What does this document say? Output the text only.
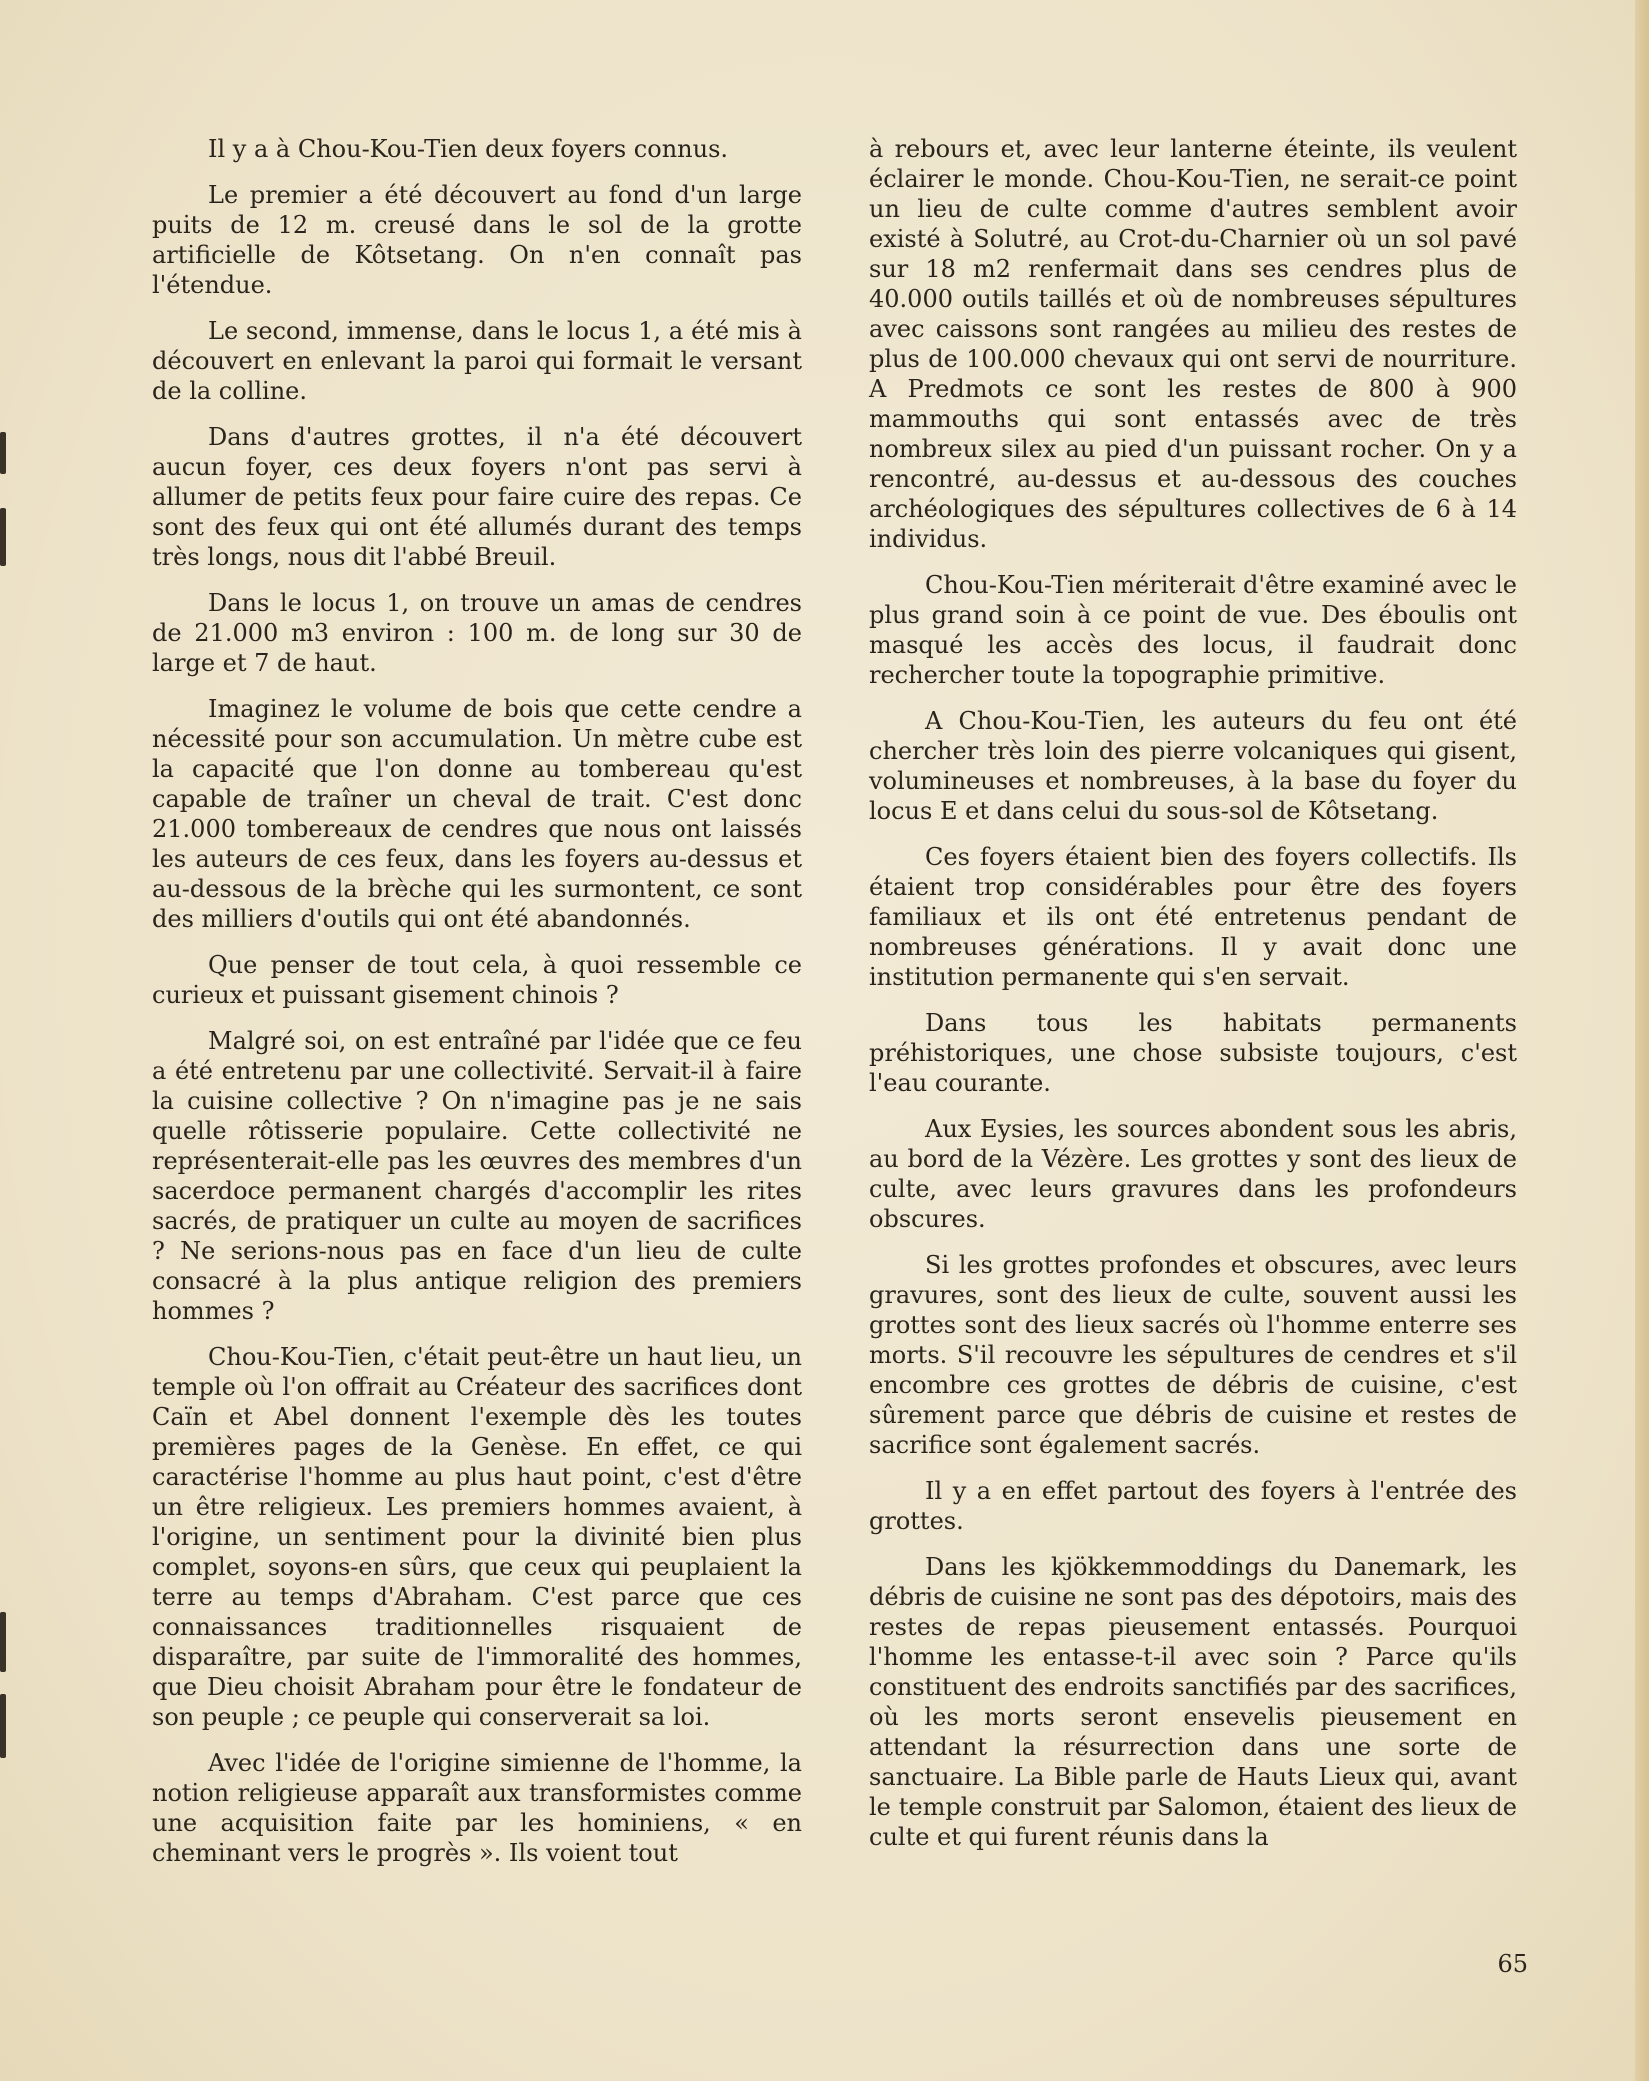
Il y a à Chou-Kou-Tien deux foyers connus.

Le premier a été découvert au fond d'un large puits de 12 m. creusé dans le sol de la grotte artificielle de Kôtsetang. On n'en connaît pas l'étendue.

Le second, immense, dans le locus 1, a été mis à découvert en enlevant la paroi qui formait le versant de la colline.

Dans d'autres grottes, il n'a été découvert aucun foyer, ces deux foyers n'ont pas servi à allumer de petits feux pour faire cuire des repas. Ce sont des feux qui ont été allumés durant des temps très longs, nous dit l'abbé Breuil.

Dans le locus 1, on trouve un amas de cendres de 21.000 m3 environ : 100 m. de long sur 30 de large et 7 de haut.

Imaginez le volume de bois que cette cendre a nécessité pour son accumulation. Un mètre cube est la capacité que l'on donne au tombereau qu'est capable de traîner un cheval de trait. C'est donc 21.000 tombereaux de cendres que nous ont laissés les auteurs de ces feux, dans les foyers au-dessus et au-dessous de la brèche qui les surmontent, ce sont des milliers d'outils qui ont été abandonnés.

Que penser de tout cela, à quoi ressemble ce curieux et puissant gisement chinois ?

Malgré soi, on est entraîné par l'idée que ce feu a été entretenu par une collectivité. Servait-il à faire la cuisine collective ? On n'imagine pas je ne sais quelle rôtisserie populaire. Cette collectivité ne représenterait-elle pas les œuvres des membres d'un sacerdoce permanent chargés d'accomplir les rites sacrés, de pratiquer un culte au moyen de sacrifices ? Ne serions-nous pas en face d'un lieu de culte consacré à la plus antique religion des premiers hommes ?

Chou-Kou-Tien, c'était peut-être un haut lieu, un temple où l'on offrait au Créateur des sacrifices dont Caïn et Abel donnent l'exemple dès les toutes premières pages de la Genèse. En effet, ce qui caractérise l'homme au plus haut point, c'est d'être un être religieux. Les premiers hommes avaient, à l'origine, un sentiment pour la divinité bien plus complet, soyons-en sûrs, que ceux qui peuplaient la terre au temps d'Abraham. C'est parce que ces connaissances traditionnelles risquaient de disparaître, par suite de l'immoralité des hommes, que Dieu choisit Abraham pour être le fondateur de son peuple ; ce peuple qui conserverait sa loi.

Avec l'idée de l'origine simienne de l'homme, la notion religieuse apparaît aux transformistes comme une acquisition faite par les hominiens, « en cheminant vers le progrès ». Ils voient tout

à rebours et, avec leur lanterne éteinte, ils veulent éclairer le monde. Chou-Kou-Tien, ne serait-ce point un lieu de culte comme d'autres semblent avoir existé à Solutré, au Crot-du-Charnier où un sol pavé sur 18 m2 renfermait dans ses cendres plus de 40.000 outils taillés et où de nombreuses sépultures avec caissons sont rangées au milieu des restes de plus de 100.000 chevaux qui ont servi de nourriture. A Predmots ce sont les restes de 800 à 900 mammouths qui sont entassés avec de très nombreux silex au pied d'un puissant rocher. On y a rencontré, au-dessus et au-dessous des couches archéologiques des sépultures collectives de 6 à 14 individus.

Chou-Kou-Tien mériterait d'être examiné avec le plus grand soin à ce point de vue. Des éboulis ont masqué les accès des locus, il faudrait donc rechercher toute la topographie primitive.

A Chou-Kou-Tien, les auteurs du feu ont été chercher très loin des pierre volcaniques qui gisent, volumineuses et nombreuses, à la base du foyer du locus E et dans celui du sous-sol de Kôtsetang.

Ces foyers étaient bien des foyers collectifs. Ils étaient trop considérables pour être des foyers familiaux et ils ont été entretenus pendant de nombreuses générations. Il y avait donc une institution permanente qui s'en servait.

Dans tous les habitats permanents préhistoriques, une chose subsiste toujours, c'est l'eau courante.

Aux Eysies, les sources abondent sous les abris, au bord de la Vézère. Les grottes y sont des lieux de culte, avec leurs gravures dans les profondeurs obscures.

Si les grottes profondes et obscures, avec leurs gravures, sont des lieux de culte, souvent aussi les grottes sont des lieux sacrés où l'homme enterre ses morts. S'il recouvre les sépultures de cendres et s'il encombre ces grottes de débris de cuisine, c'est sûrement parce que débris de cuisine et restes de sacrifice sont également sacrés.

Il y a en effet partout des foyers à l'entrée des grottes.

Dans les kjökkemmoddings du Danemark, les débris de cuisine ne sont pas des dépotoirs, mais des restes de repas pieusement entassés. Pourquoi l'homme les entasse-t-il avec soin ? Parce qu'ils constituent des endroits sanctifiés par des sacrifices, où les morts seront ensevelis pieusement en attendant la résurrection dans une sorte de sanctuaire. La Bible parle de Hauts Lieux qui, avant le temple construit par Salomon, étaient des lieux de culte et qui furent réunis dans la

65
